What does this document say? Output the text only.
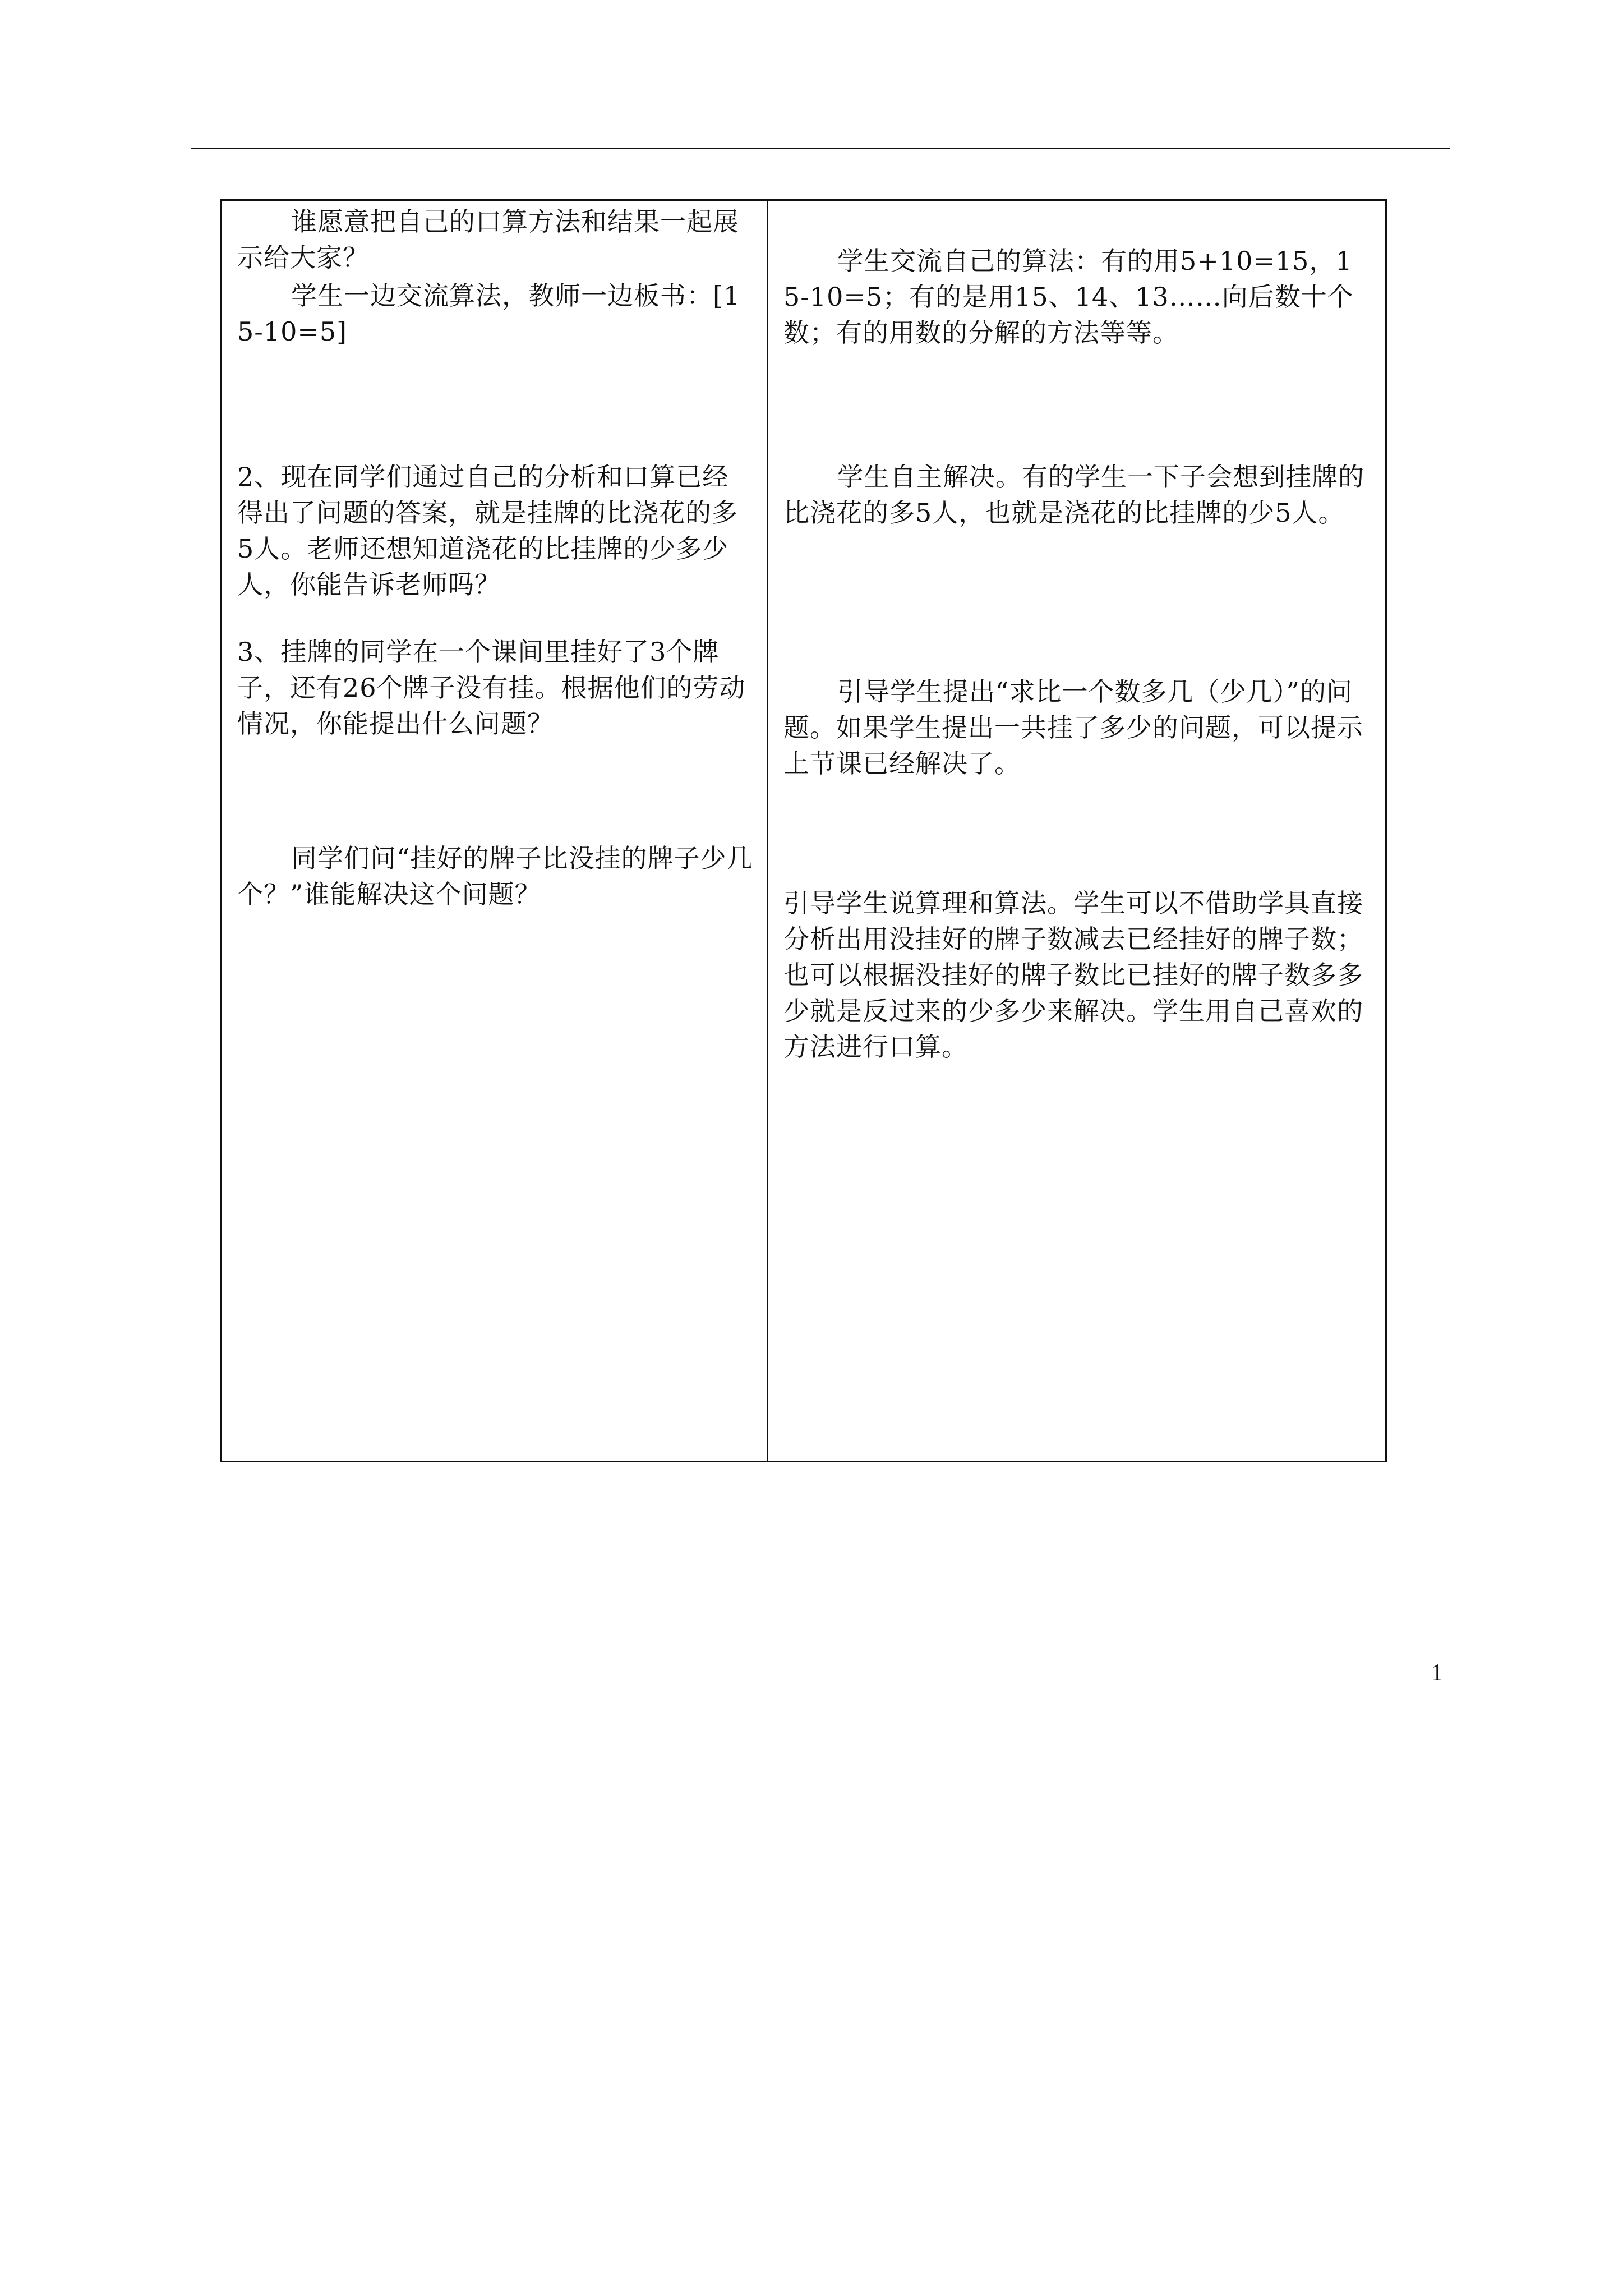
谁愿意把自己的口算方法和结果一起展示给大家？
学生一边交流算法，教师一边板书：[15-10=5]
2、现在同学们通过自己的分析和口算已经得出了问题的答案，就是挂牌的比浇花的多5人。老师还想知道浇花的比挂牌的少多少人，你能告诉老师吗？
3、挂牌的同学在一个课间里挂好了3个牌子，还有26个牌子没有挂。根据他们的劳动情况，你能提出什么问题？
同学们问“挂好的牌子比没挂的牌子少几个？”谁能解决这个问题？
学生交流自己的算法：有的用5+10=15，15-10=5；有的是用15、14、13……向后数十个数；有的用数的分解的方法等等。
学生自主解决。有的学生一下子会想到挂牌的比浇花的多5人，也就是浇花的比挂牌的少5人。
引导学生提出“求比一个数多几（少几）”的问题。如果学生提出一共挂了多少的问题，可以提示上节课已经解决了。
引导学生说算理和算法。学生可以不借助学具直接分析出用没挂好的牌子数减去已经挂好的牌子数；也可以根据没挂好的牌子数比已挂好的牌子数多多少就是反过来的少多少来解决。学生用自己喜欢的方法进行口算。
1
